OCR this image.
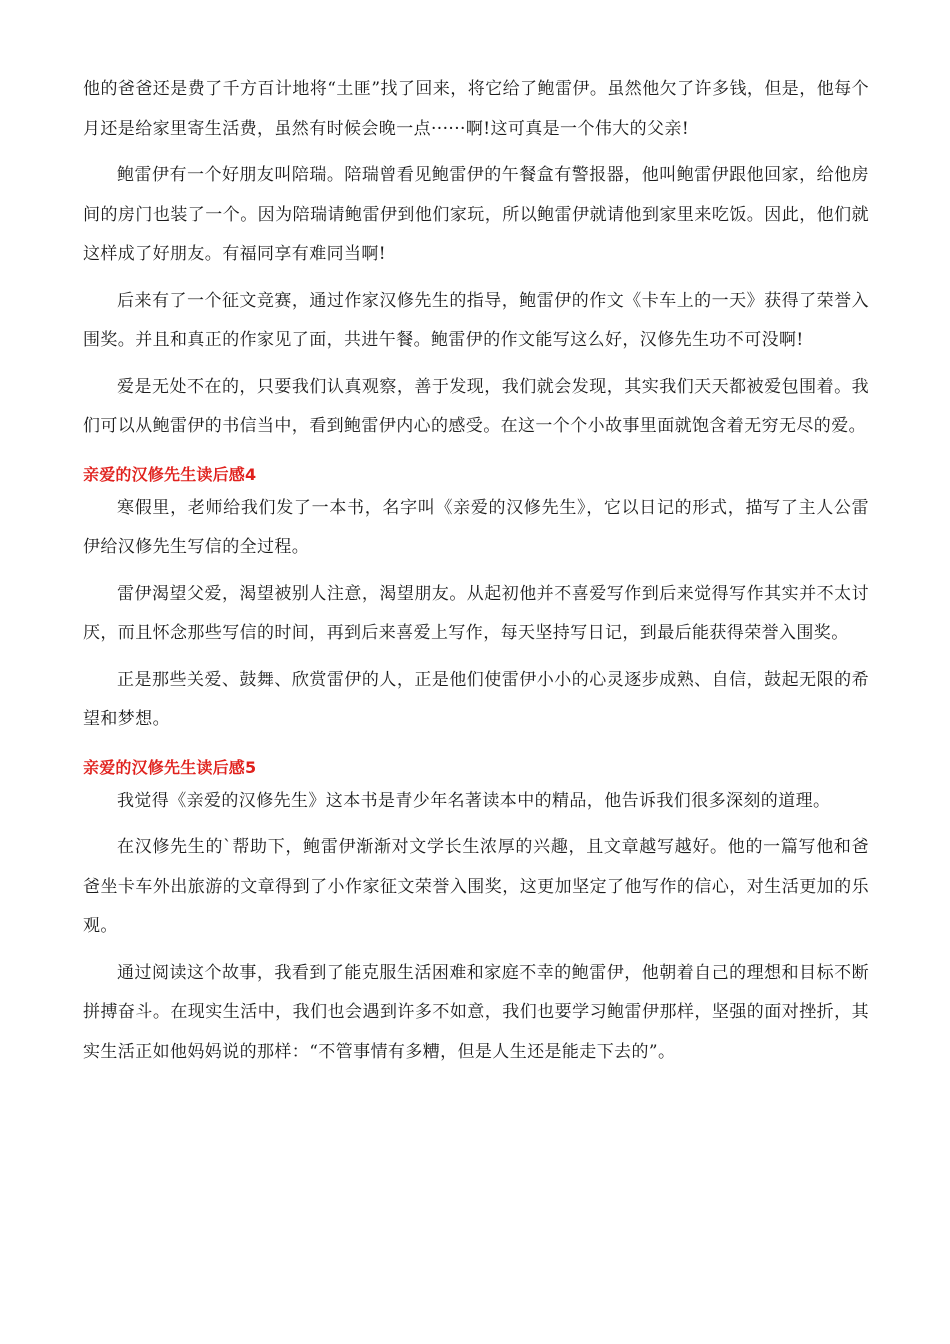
他的爸爸还是费了千方百计地将“土匪”找了回来，将它给了鲍雷伊。虽然他欠了许多钱，但是，他每个月还是给家里寄生活费，虽然有时候会晚一点······啊!这可真是一个伟大的父亲!

鲍雷伊有一个好朋友叫陪瑞。陪瑞曾看见鲍雷伊的午餐盒有警报器，他叫鲍雷伊跟他回家，给他房间的房门也装了一个。因为陪瑞请鲍雷伊到他们家玩，所以鲍雷伊就请他到家里来吃饭。因此，他们就这样成了好朋友。有福同享有难同当啊!

后来有了一个征文竞赛，通过作家汉修先生的指导，鲍雷伊的作文《卡车上的一天》获得了荣誉入围奖。并且和真正的作家见了面，共进午餐。鲍雷伊的作文能写这么好，汉修先生功不可没啊!

爱是无处不在的，只要我们认真观察，善于发现，我们就会发现，其实我们天天都被爱包围着。我们可以从鲍雷伊的书信当中，看到鲍雷伊内心的感受。在这一个个小故事里面就饱含着无穷无尽的爱。

亲爱的汉修先生读后感4

寒假里，老师给我们发了一本书，名字叫《亲爱的汉修先生》，它以日记的形式，描写了主人公雷伊给汉修先生写信的全过程。

雷伊渴望父爱，渴望被别人注意，渴望朋友。从起初他并不喜爱写作到后来觉得写作其实并不太讨厌，而且怀念那些写信的时间，再到后来喜爱上写作，每天坚持写日记，到最后能获得荣誉入围奖。

正是那些关爱、鼓舞、欣赏雷伊的人，正是他们使雷伊小小的心灵逐步成熟、自信，鼓起无限的希望和梦想。

亲爱的汉修先生读后感5

我觉得《亲爱的汉修先生》这本书是青少年名著读本中的精品，他告诉我们很多深刻的道理。

在汉修先生的`帮助下，鲍雷伊渐渐对文学长生浓厚的兴趣，且文章越写越好。他的一篇写他和爸爸坐卡车外出旅游的文章得到了小作家征文荣誉入围奖，这更加坚定了他写作的信心，对生活更加的乐观。

通过阅读这个故事，我看到了能克服生活困难和家庭不幸的鲍雷伊，他朝着自己的理想和目标不断拼搏奋斗。在现实生活中，我们也会遇到许多不如意，我们也要学习鲍雷伊那样，坚强的面对挫折，其实生活正如他妈妈说的那样：“不管事情有多糟，但是人生还是能走下去的”。
